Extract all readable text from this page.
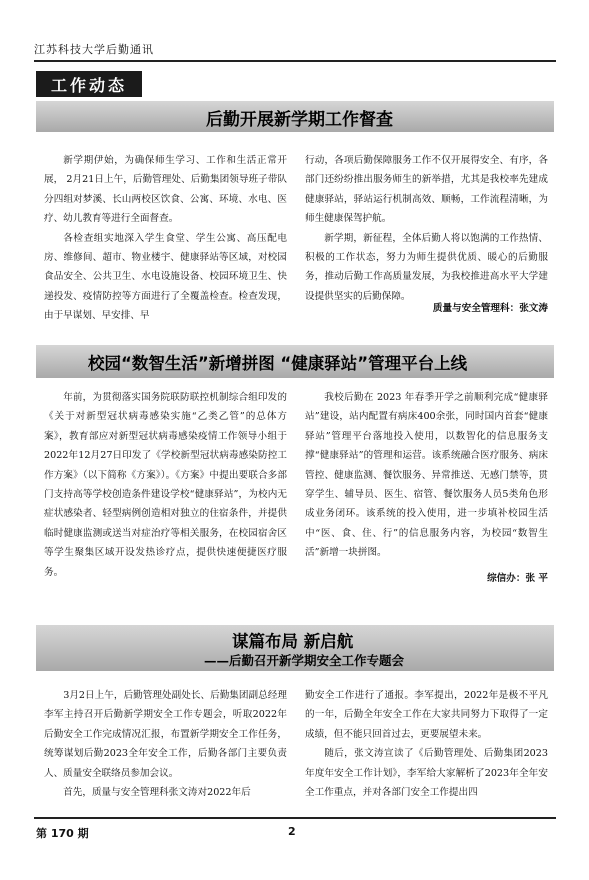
江苏科技大学后勤通讯
工作动态
后勤开展新学期工作督查

新学期伊始，为确保师生学习、工作和生活正常开展， 2月21日上午，后勤管理处、后勤集团领导班子带队分四组对梦溪、长山两校区饮食、公寓、环境、水电、医疗、幼儿教育等进行全面督查。

各检查组实地深入学生食堂、学生公寓、高压配电房、维修间、超市、物业楼宇、健康驿站等区域，对校园食品安全、公共卫生、水电设施设备、校园环境卫生、快递投发、疫情防控等方面进行了全覆盖检查。检查发现，由于早谋划、早安排、早

行动，各项后勤保障服务工作不仅开展得安全、有序，各部门还纷纷推出服务师生的新举措，尤其是我校率先建成健康驿站，驿站运行机制高效、顺畅，工作流程清晰，为师生健康保驾护航。

新学期，新征程，全体后勤人将以饱满的工作热情、积极的工作状态，努力为师生提供优质、暖心的后勤服务，推动后勤工作高质量发展，为我校推进高水平大学建设提供坚实的后勤保障。

质量与安全管理科：张文涛
校园“数智生活”新增拼图 “健康驿站”管理平台上线

年前，为贯彻落实国务院联防联控机制综合组印发的《关于对新型冠状病毒感染实施“乙类乙管”的总体方案》，教育部应对新型冠状病毒感染疫情工作领导小组于2022年12月27日印发了《学校新型冠状病毒感染防控工作方案》（以下简称《方案》）。《方案》中提出要联合多部门支持高等学校创造条件建设学校“健康驿站”，为校内无症状感染者、轻型病例创造相对独立的住宿条件，并提供临时健康监测或送当对症治疗等相关服务，在校园宿舍区等学生聚集区域开设发热诊疗点，提供快速便捷医疗服务。

我校后勤在 2023 年春季开学之前顺利完成“健康驿站”建设，站内配置有病床400余张，同时国内首套“健康驿站”管理平台落地投入使用，以数智化的信息服务支撑“健康驿站”的管理和运营。该系统融合医疗服务、病床管控、健康监测、餐饮服务、异常推送、无感门禁等，贯穿学生、辅导员、医生、宿管、餐饮服务人员5类角色形成业务闭环。该系统的投入使用，进一步填补校园生活中“医、食、住、行”的信息服务内容，为校园“数智生活”新增一块拼图。

综信办：张 平
谋篇布局 新启航
——后勤召开新学期安全工作专题会

3月2日上午，后勤管理处副处长、后勤集团副总经理李军主持召开后勤新学期安全工作专题会，听取2022年后勤安全工作完成情况汇报，布置新学期安全工作任务，统筹谋划后勤2023全年安全工作，后勤各部门主要负责人、质量安全联络员参加会议。

首先，质量与安全管理科张文涛对2022年后

勤安全工作进行了通报。李军提出，2022年是极不平凡的一年，后勤全年安全工作在大家共同努力下取得了一定成绩，但不能只回首过去，更要展望未来。

随后，张文涛宣读了《后勤管理处、后勤集团2023年度年安全工作计划》，李军给大家解析了2023年全年安全工作重点，并对各部门安全工作提出四

第 170 期	2
